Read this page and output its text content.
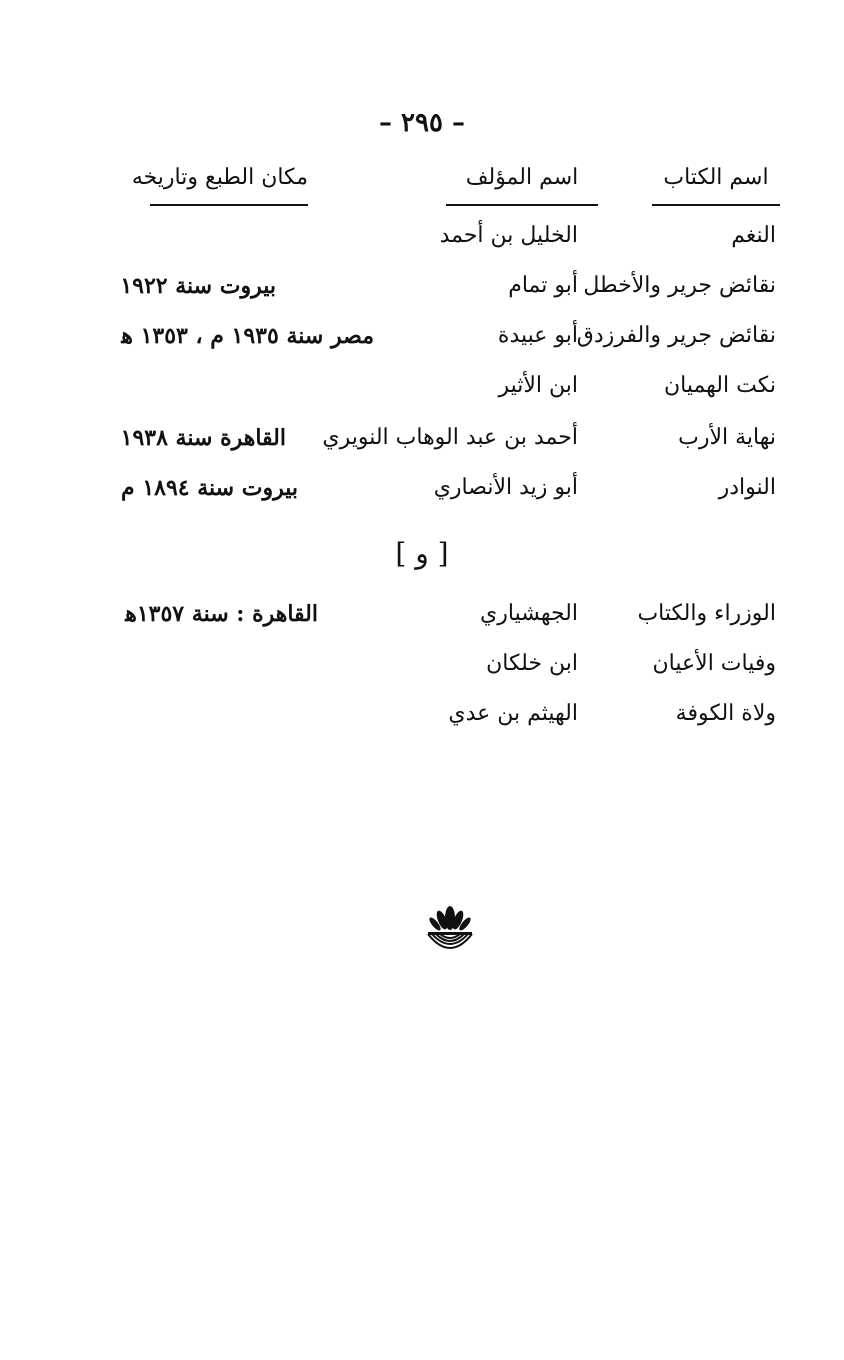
– ٢٩٥ –
اسم الكتاب
اسم المؤلف
مكان الطبع وتاريخه
النغم
الخليل بن أحمد
نقائض جرير والأخطل
أبو تمام
بيروت سنة ١٩٢٢
نقائض جرير والفرزدق
أبو عبيدة
مصر سنة ١٩٣٥ م ، ١٣٥٣ ﻫ
نكت الهميان
ابن الأثير
نهاية الأرب
أحمد بن عبد الوهاب النويري
القاهرة سنة ١٩٣٨
النوادر
أبو زيد الأنصاري
بيروت سنة ١٨٩٤ م
[ و ]
الوزراء والكتاب
الجهشياري
القاهرة : سنة ١٣٥٧ﻫ
وفيات الأعيان
ابن خلكان
ولاة الكوفة
الهيثم بن عدي
